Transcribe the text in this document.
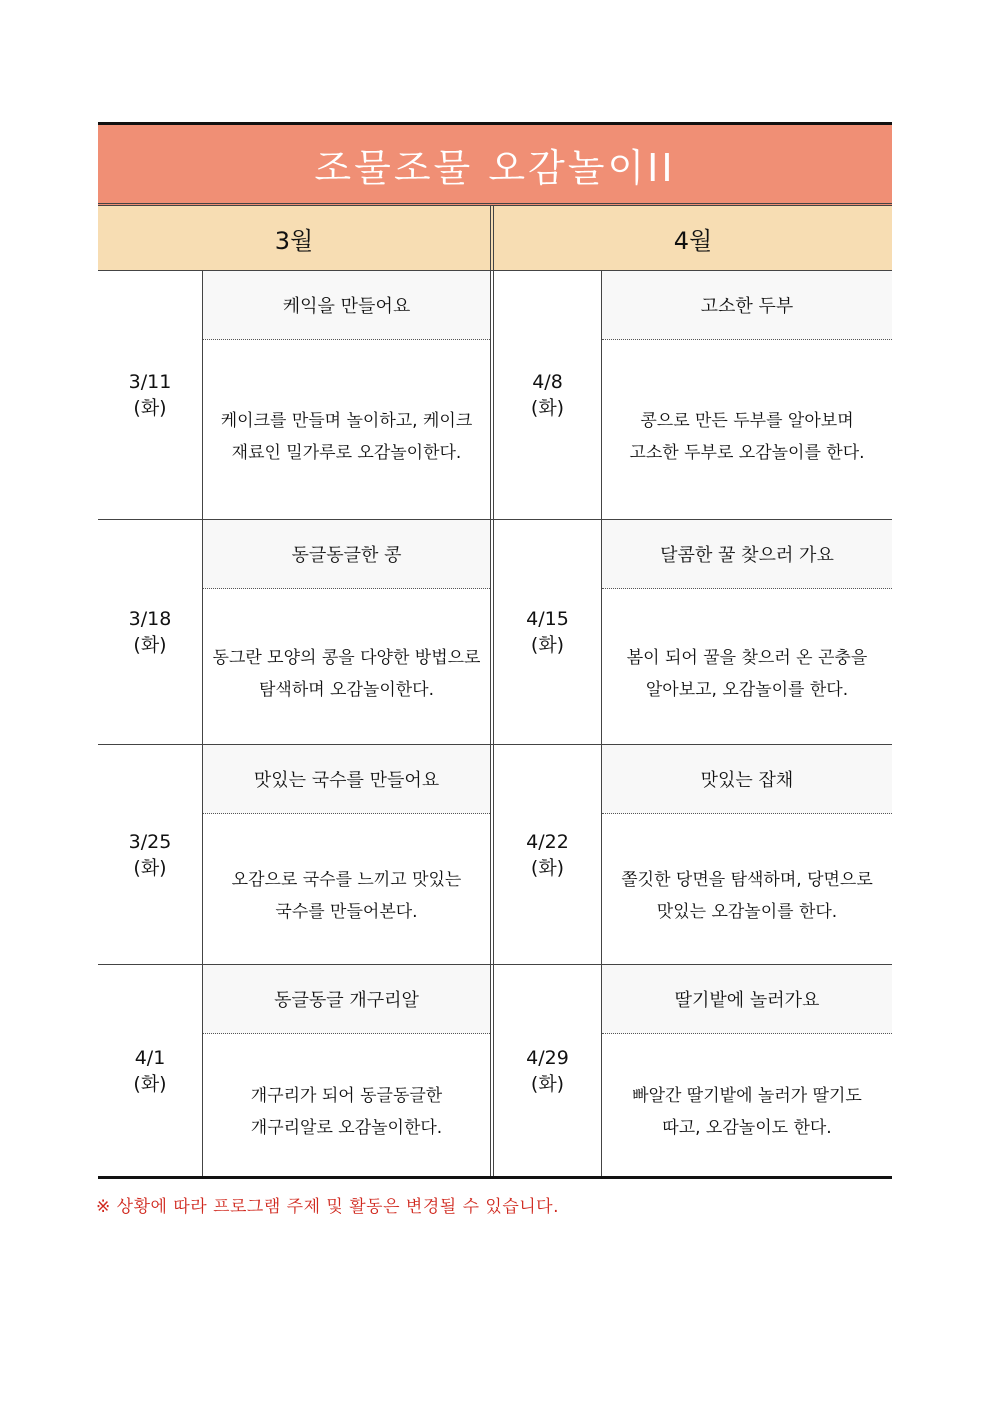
조물조물 오감놀이II
3월	4월
3/11
(화)
케익을 만들어요
케이크를 만들며 놀이하고, 케이크
재료인 밀가루로 오감놀이한다.
4/8
(화)
고소한 두부
콩으로 만든 두부를 알아보며
고소한 두부로 오감놀이를 한다.
3/18
(화)
동글동글한 콩
동그란 모양의 콩을 다양한 방법으로
탐색하며 오감놀이한다.
4/15
(화)
달콤한 꿀 찾으러 가요
봄이 되어 꿀을 찾으러 온 곤충을
알아보고, 오감놀이를 한다.
3/25
(화)
맛있는 국수를 만들어요
오감으로 국수를 느끼고 맛있는
국수를 만들어본다.
4/22
(화)
맛있는 잡채
쫄깃한 당면을 탐색하며, 당면으로
맛있는 오감놀이를 한다.
4/1
(화)
동글동글 개구리알
개구리가 되어 동글동글한
개구리알로 오감놀이한다.
4/29
(화)
딸기밭에 놀러가요
빠알간 딸기밭에 놀러가 딸기도
따고, 오감놀이도 한다.
※ 상황에 따라 프로그램 주제 및 활동은 변경될 수 있습니다.
